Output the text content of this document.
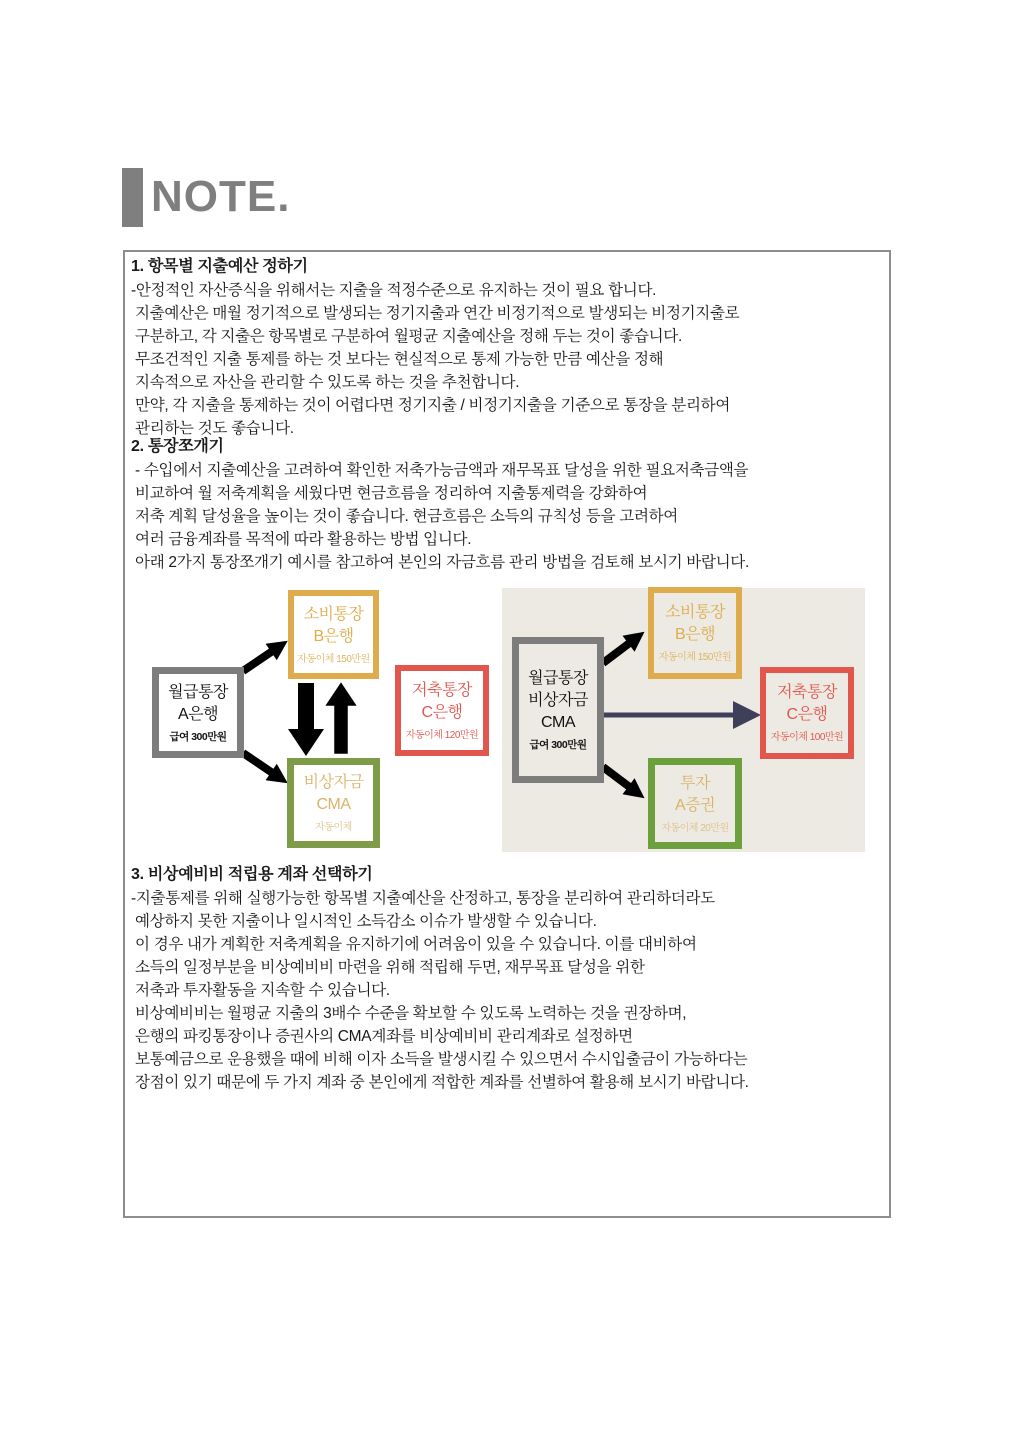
NOTE.
1. 항목별 지출예산 정하기
-안정적인 자산증식을 위해서는 지출을 적정수준으로 유지하는 것이 필요 합니다.
지출예산은 매월 정기적으로 발생되는 정기지출과 연간 비정기적으로 발생되는 비정기지출로
구분하고, 각 지출은 항목별로 구분하여 월평균 지출예산을 정해 두는 것이 좋습니다.
무조건적인 지출 통제를 하는 것 보다는 현실적으로 통제 가능한 만큼 예산을 정해
지속적으로 자산을 관리할 수 있도록 하는 것을 추천합니다.
만약, 각 지출을 통제하는 것이 어렵다면 정기지출 / 비정기지출을 기준으로 통장을 분리하여
관리하는 것도 좋습니다.
2. 통장쪼개기
- 수입에서 지출예산을 고려하여 확인한 저축가능금액과 재무목표 달성을 위한 필요저축금액을
비교하여 월 저축계획을 세웠다면 현금흐름을 정리하여 지출통제력을 강화하여
저축 계획 달성율을 높이는 것이 좋습니다. 현금흐름은 소득의 규칙성 등을 고려하여
여러 금융계좌를 목적에 따라 활용하는 방법 입니다.
아래 2가지 통장쪼개기 예시를 참고하여 본인의 자금흐름 관리 방법을 검토해 보시기 바랍니다.
월급통장
A은행
급여 300만원
소비통장
B은행
자동이체 150만원
저축통장
C은행
자동이체 120만원
비상자금
CMA
자동이체
월급통장
비상자금
CMA
급여 300만원
소비통장
B은행
자동이체 150만원
저축통장
C은행
자동이체 100만원
투자
A증권
자동이체 20만원
3. 비상예비비 적립용 계좌 선택하기
-지출통제를 위해 실행가능한 항목별 지출예산을 산정하고, 통장을 분리하여 관리하더라도
예상하지 못한 지출이나 일시적인 소득감소 이슈가 발생할 수 있습니다.
이 경우 내가 계획한 저축계획을 유지하기에 어려움이 있을 수 있습니다. 이를 대비하여
소득의 일정부분을 비상예비비 마련을 위해 적립해 두면, 재무목표 달성을 위한
저축과 투자활동을 지속할 수 있습니다.
비상예비비는 월평균 지출의 3배수 수준을 확보할 수 있도록 노력하는 것을 권장하며,
은행의 파킹통장이나 증권사의 CMA계좌를 비상예비비 관리계좌로 설정하면
보통예금으로 운용했을 때에 비해 이자 소득을 발생시킬 수 있으면서 수시입출금이 가능하다는
장점이 있기 때문에 두 가지 계좌 중 본인에게 적합한 계좌를 선별하여 활용해 보시기 바랍니다.
